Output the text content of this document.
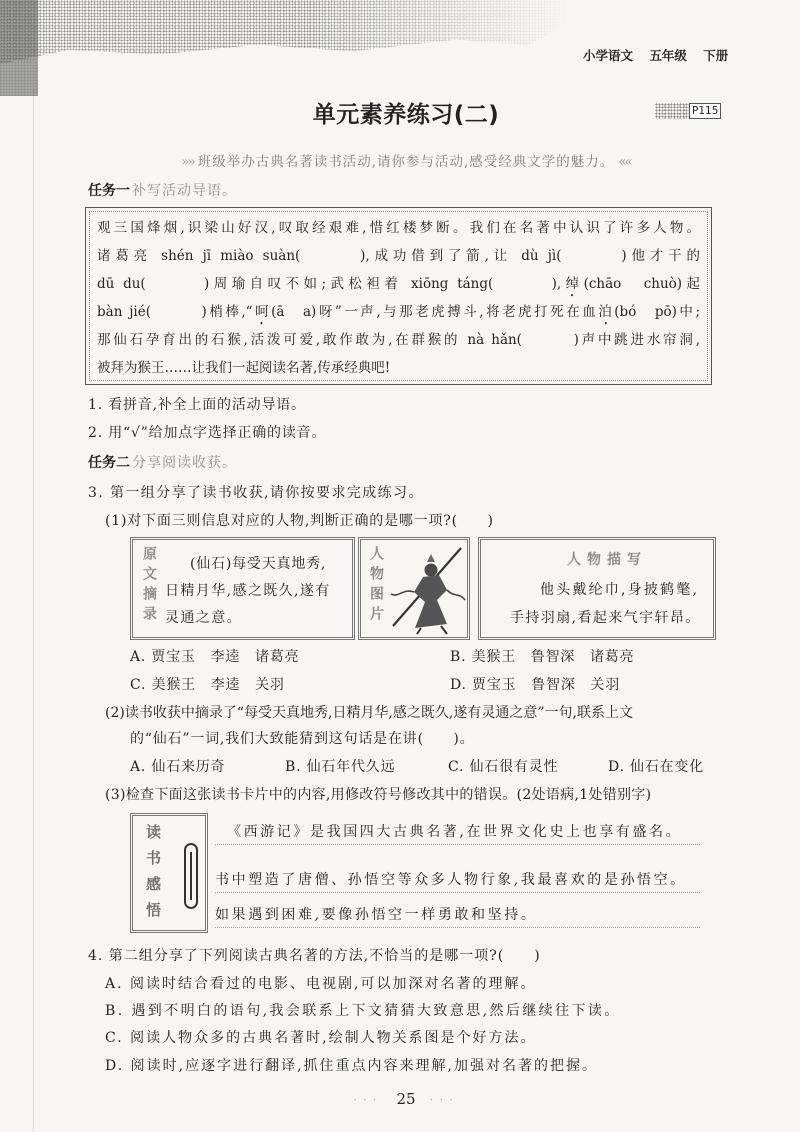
小学语文 五年级 下册
单元素养练习(二)	P115
»» 班级举办古典名著读书活动,请你参与活动,感受经典文学的魅力。««
任务一 补写活动导语。
观三国烽烟,识梁山好汉,叹取经艰难,惜红楼梦断。我们在名著中认识了许多人物。
诸葛亮 shén jī miào suàn(　　　),成功借到了箭,让 dù jì(　　　)他才干的
dū du(　　　)周瑜自叹不如;武松袒着 xiōng táng(　　　),绰(chāo　chuò)起
bàn jié(　　　)梢棒,“呵(ā　a)呀”一声,与那老虎搏斗,将老虎打死在血泊(bó　pō)中;
那仙石孕育出的石猴,活泼可爱,敢作敢为,在群猴的 nà hǎn(　　　)声中跳进水帘洞,
被拜为猴王……让我们一起阅读名著,传承经典吧!
1. 看拼音,补全上面的活动导语。
2. 用“√”给加点字选择正确的读音。
任务二 分享阅读收获。
3. 第一组分享了读书收获,请你按要求完成练习。
(1)对下面三则信息对应的人物,判断正确的是哪一项?(　　)
原文摘录 (仙石)每受天真地秀,
日精月华,感之既久,遂有
灵通之意。	人物图片	人物描写
他头戴纶巾,身披鹤氅,
手持羽扇,看起来气宇轩昂。
A. 贾宝玉　李逵　诸葛亮	B. 美猴王　鲁智深　诸葛亮
C. 美猴王　李逵　关羽	D. 贾宝玉　鲁智深　关羽
(2)读书收获中摘录了“每受天真地秀,日精月华,感之既久,遂有灵通之意”一句,联系上文
的“仙石”一词,我们大致能猜到这句话是在讲(　　)。
A. 仙石来历奇	B. 仙石年代久远	C. 仙石很有灵性	D. 仙石在变化
(3)检查下面这张读书卡片中的内容,用修改符号修改其中的错误。(2处语病,1处错别字)
读书感悟	《西游记》是我国四大古典名著,在世界文化史上也享有盛名。
书中塑造了唐僧、孙悟空等众多人物行象,我最喜欢的是孙悟空。
如果遇到困难,要像孙悟空一样勇敢和坚持。
4. 第二组分享了下列阅读古典名著的方法,不恰当的是哪一项?(　　)
A. 阅读时结合看过的电影、电视剧,可以加深对名著的理解。
B. 遇到不明白的语句,我会联系上下文猜猜大致意思,然后继续往下读。
C. 阅读人物众多的古典名著时,绘制人物关系图是个好方法。
D. 阅读时,应逐字进行翻译,抓住重点内容来理解,加强对名著的把握。
··· 25 ···
